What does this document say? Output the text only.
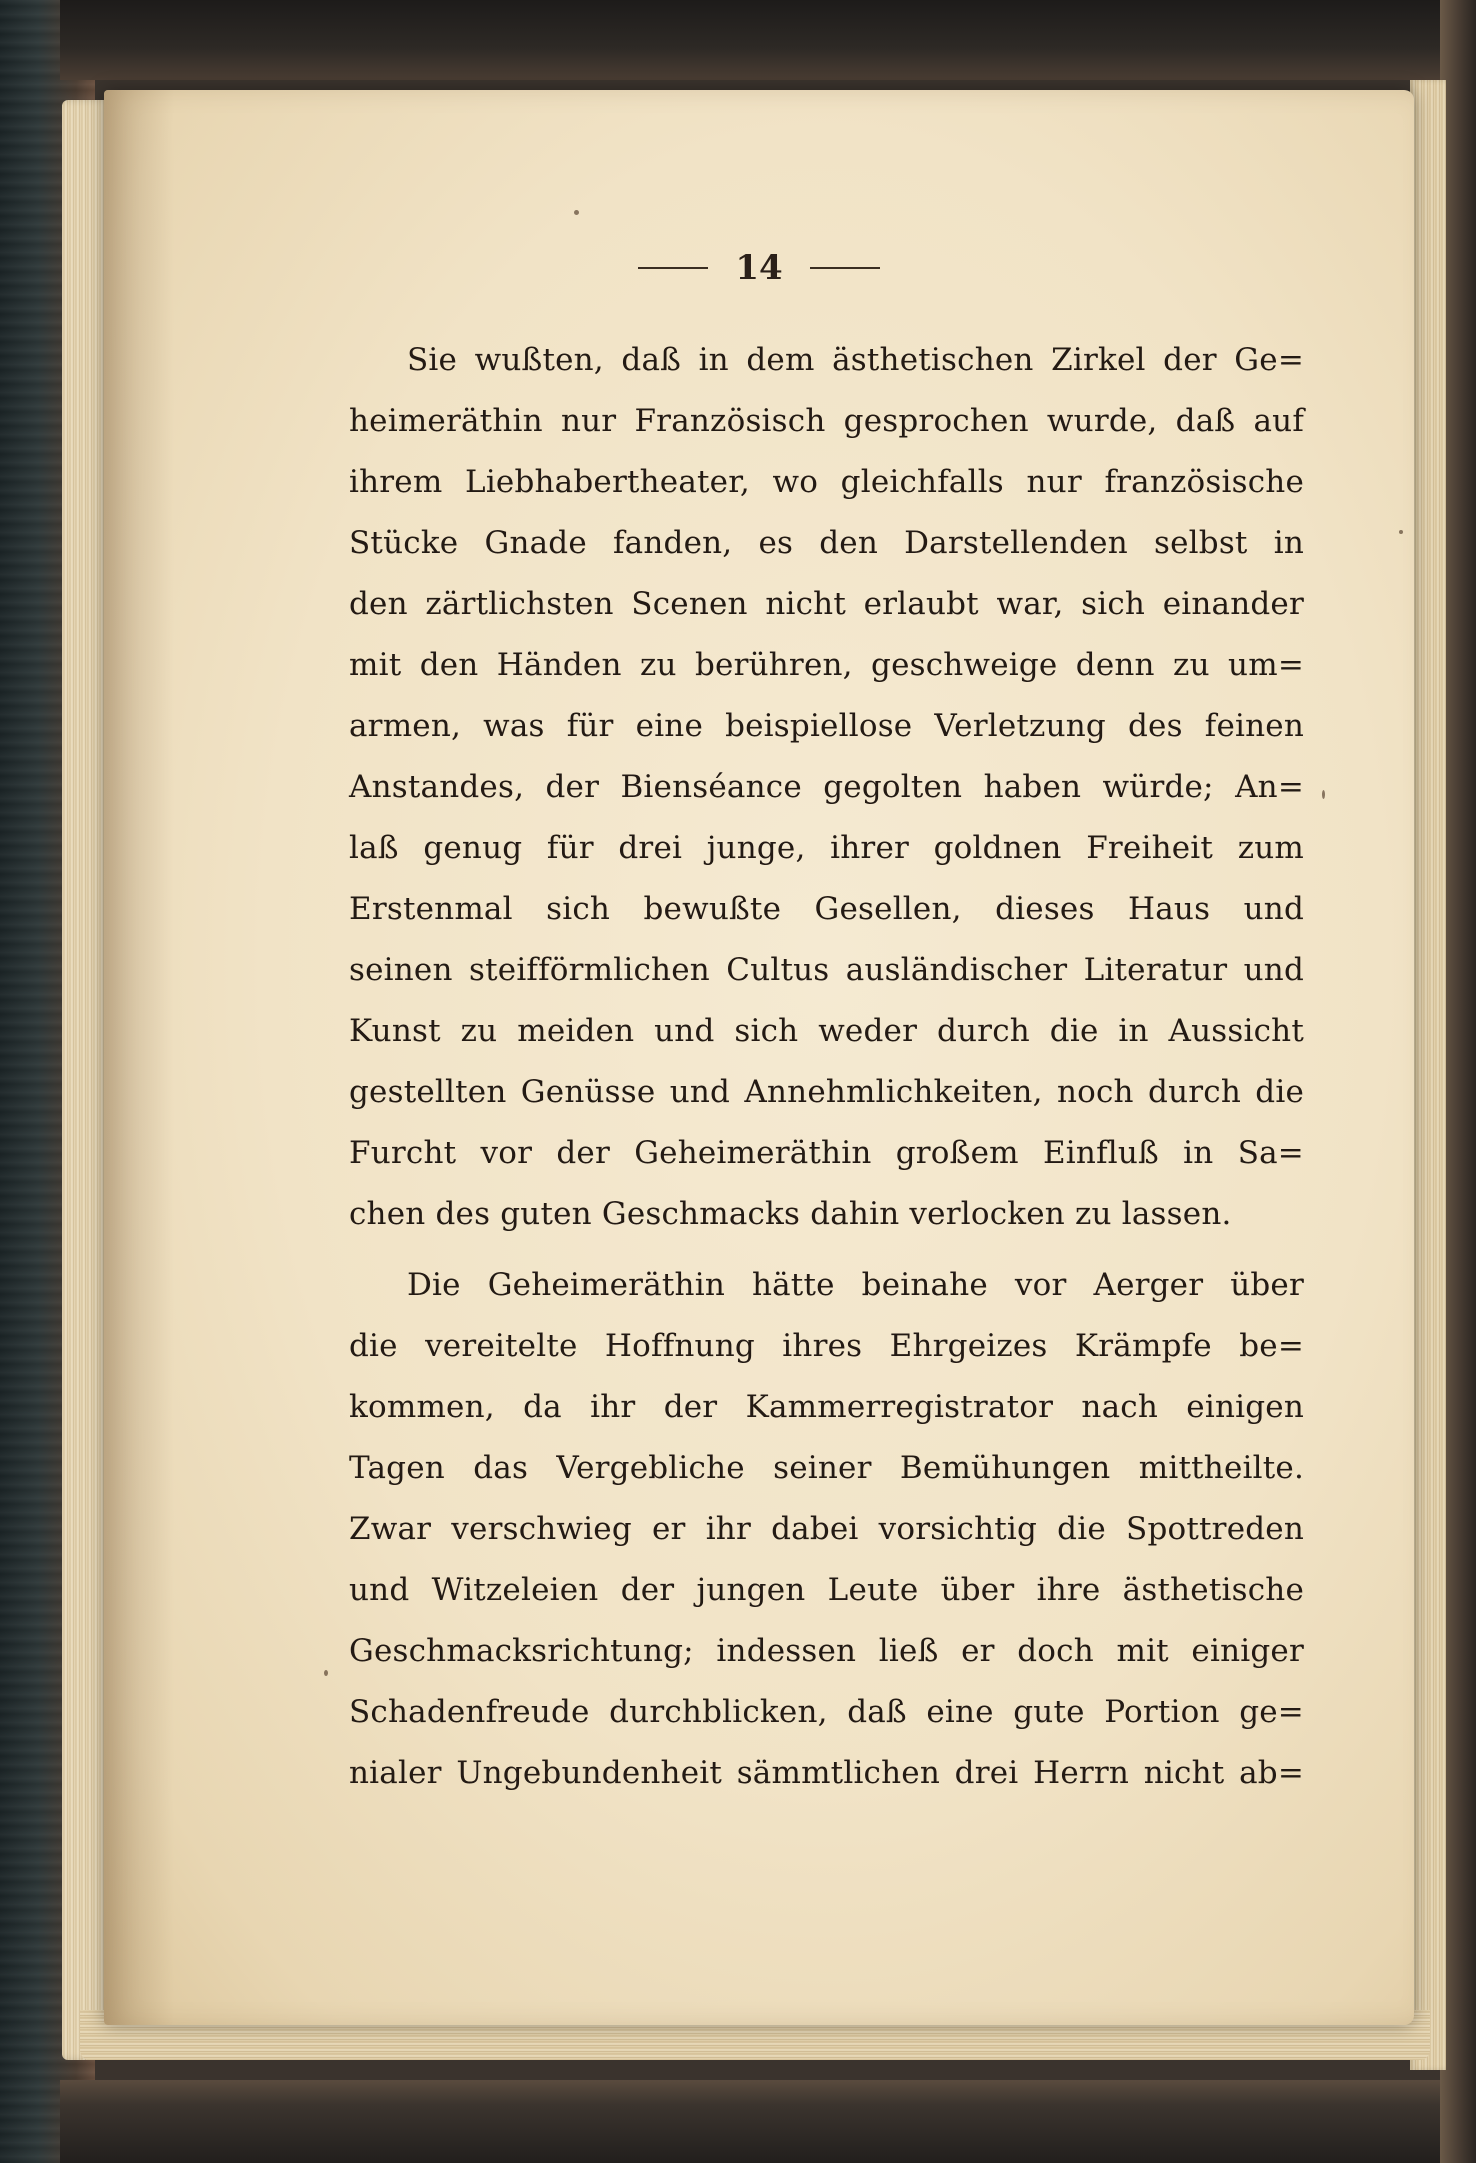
14
Sie wußten, daß in dem ästhetischen Zirkel der Ge=
heimeräthin nur Französisch gesprochen wurde, daß auf
ihrem Liebhabertheater, wo gleichfalls nur französische
Stücke Gnade fanden, es den Darstellenden selbst in
den zärtlichsten Scenen nicht erlaubt war, sich einander
mit den Händen zu berühren, geschweige denn zu um=
armen, was für eine beispiellose Verletzung des feinen
Anstandes, der Bienséance gegolten haben würde; An=
laß genug für drei junge, ihrer goldnen Freiheit zum
Erstenmal sich bewußte Gesellen, dieses Haus und
seinen steifförmlichen Cultus ausländischer Literatur und
Kunst zu meiden und sich weder durch die in Aussicht
gestellten Genüsse und Annehmlichkeiten, noch durch die
Furcht vor der Geheimeräthin großem Einfluß in Sa=
chen des guten Geschmacks dahin verlocken zu lassen.
Die Geheimeräthin hätte beinahe vor Aerger über
die vereitelte Hoffnung ihres Ehrgeizes Krämpfe be=
kommen, da ihr der Kammerregistrator nach einigen
Tagen das Vergebliche seiner Bemühungen mittheilte.
Zwar verschwieg er ihr dabei vorsichtig die Spottreden
und Witzeleien der jungen Leute über ihre ästhetische
Geschmacksrichtung; indessen ließ er doch mit einiger
Schadenfreude durchblicken, daß eine gute Portion ge=
nialer Ungebundenheit sämmtlichen drei Herrn nicht ab=
